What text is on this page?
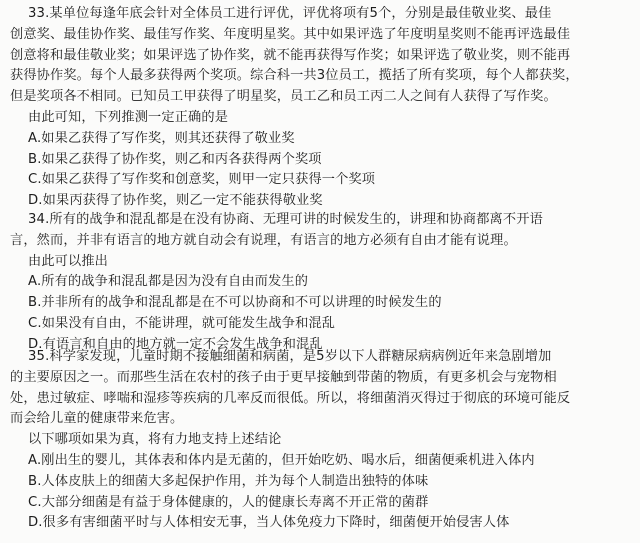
33.某单位每逢年底会针对全体员工进行评优，评优将项有5个，分别是最佳敬业奖、最佳
创意奖、最佳协作奖、最佳写作奖、年度明星奖。其中如果评选了年度明星奖则不能再评选最佳
创意将和最佳敬业奖；如果评选了协作奖，就不能再获得写作奖；如果评选了敬业奖，则不能再
获得协作奖。每个人最多获得两个奖项。综合科一共3位员工，揽括了所有奖项，每个人都获奖，
但是奖项各不相同。已知员工甲获得了明星奖，员工乙和员工丙二人之间有人获得了写作奖。
由此可知，下列推测一定正确的是
A.如果乙获得了写作奖，则其还获得了敬业奖
B.如果乙获得了协作奖，则乙和丙各获得两个奖项
C.如果乙获得了写作奖和创意奖，则甲一定只获得一个奖项
D.如果丙获得了协作奖，则乙一定不能获得敬业奖
34.所有的战争和混乱都是在没有协商、无理可讲的时候发生的，讲理和协商都离不开语
言，然而，并非有语言的地方就自动会有说理，有语言的地方必须有自由才能有说理。
由此可以推出
A.所有的战争和混乱都是因为没有自由而发生的
B.并非所有的战争和混乱都是在不可以协商和不可以讲理的时候发生的
C.如果没有自由，不能讲理，就可能发生战争和混乱
D.有语言和自由的地方就一定不会发生战争和混乱
35.科学家发现，儿童时期不接触细菌和病菌，是5岁以下人群糖尿病病例近年来急剧增加
的主要原因之一。而那些生活在农村的孩子由于更早接触到带菌的物质，有更多机会与宠物相
处，患过敏症、哮喘和湿疹等疾病的几率反而很低。所以，将细菌消灭得过于彻底的环境可能反
而会给儿童的健康带来危害。
以下哪项如果为真，将有力地支持上述结论
A.刚出生的婴儿，其体表和体内是无菌的，但开始吃奶、喝水后，细菌便乘机进入体内
B.人体皮肤上的细菌大多起保护作用，并为每个人制造出独特的体味
C.大部分细菌是有益于身体健康的，人的健康长寿离不开正常的菌群
D.很多有害细菌平时与人体相安无事，当人体免疫力下降时，细菌便开始侵害人体
